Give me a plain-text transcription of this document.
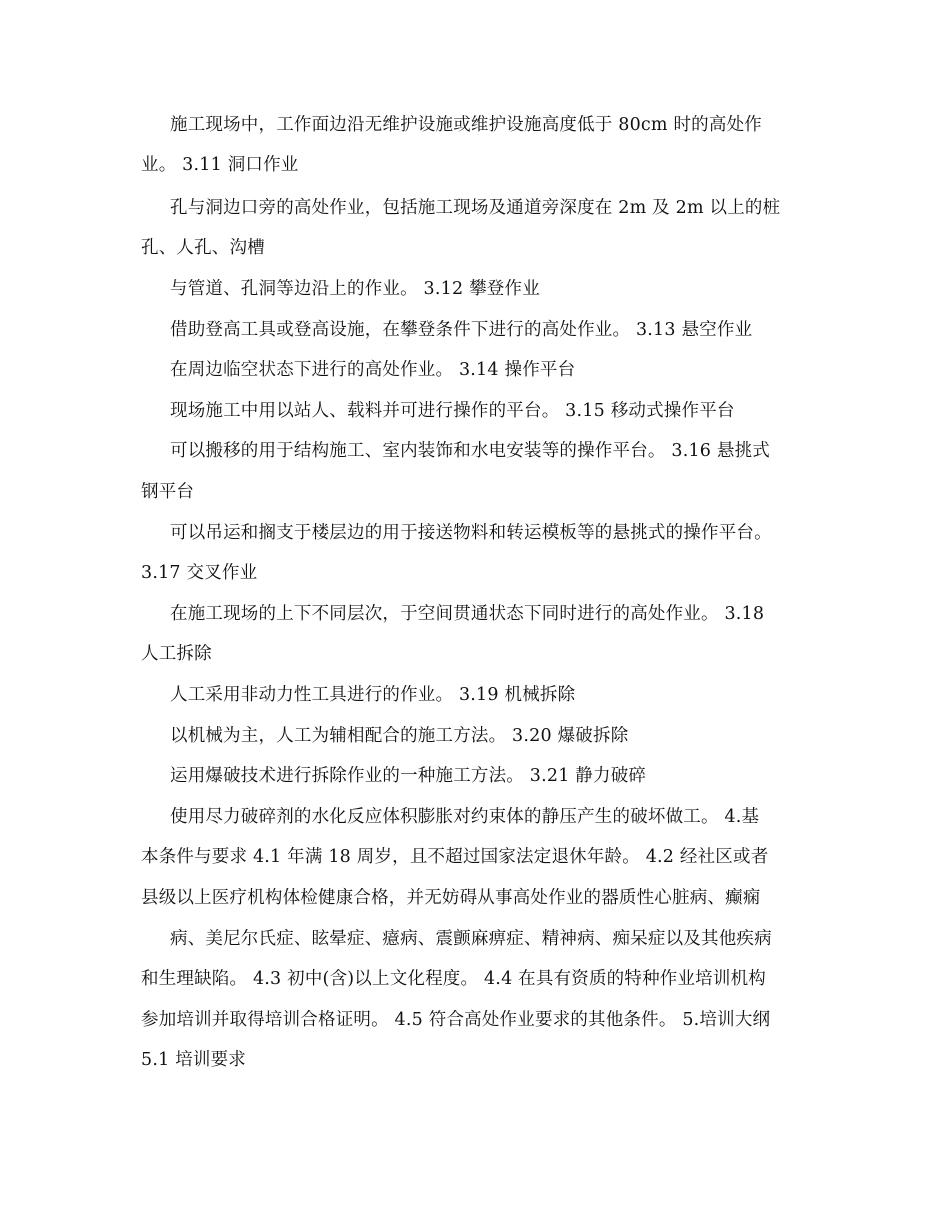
施工现场中，工作面边沿无维护设施或维护设施高度低于 80cm 时的高处作
业。 3.11 洞口作业
孔与洞边口旁的高处作业，包括施工现场及通道旁深度在 2m 及 2m 以上的桩
孔、人孔、沟槽
与管道、孔洞等边沿上的作业。 3.12 攀登作业
借助登高工具或登高设施，在攀登条件下进行的高处作业。 3.13 悬空作业
在周边临空状态下进行的高处作业。 3.14 操作平台
现场施工中用以站人、载料并可进行操作的平台。 3.15 移动式操作平台
可以搬移的用于结构施工、室内装饰和水电安装等的操作平台。 3.16 悬挑式
钢平台
可以吊运和搁支于楼层边的用于接送物料和转运模板等的悬挑式的操作平台。
3.17 交叉作业
在施工现场的上下不同层次，于空间贯通状态下同时进行的高处作业。 3.18
人工拆除
人工采用非动力性工具进行的作业。 3.19 机械拆除
以机械为主，人工为辅相配合的施工方法。 3.20 爆破拆除
运用爆破技术进行拆除作业的一种施工方法。 3.21 静力破碎
使用尽力破碎剂的水化反应体积膨胀对约束体的静压产生的破坏做工。 4.基
本条件与要求 4.1 年满 18 周岁，且不超过国家法定退休年龄。 4.2 经社区或者
县级以上医疗机构体检健康合格，并无妨碍从事高处作业的器质性心脏病、癫痫
病、美尼尔氏症、眩晕症、癔病、震颤麻痹症、精神病、痴呆症以及其他疾病
和生理缺陷。 4.3 初中(含)以上文化程度。 4.4 在具有资质的特种作业培训机构
参加培训并取得培训合格证明。 4.5 符合高处作业要求的其他条件。 5.培训大纲
5.1 培训要求
